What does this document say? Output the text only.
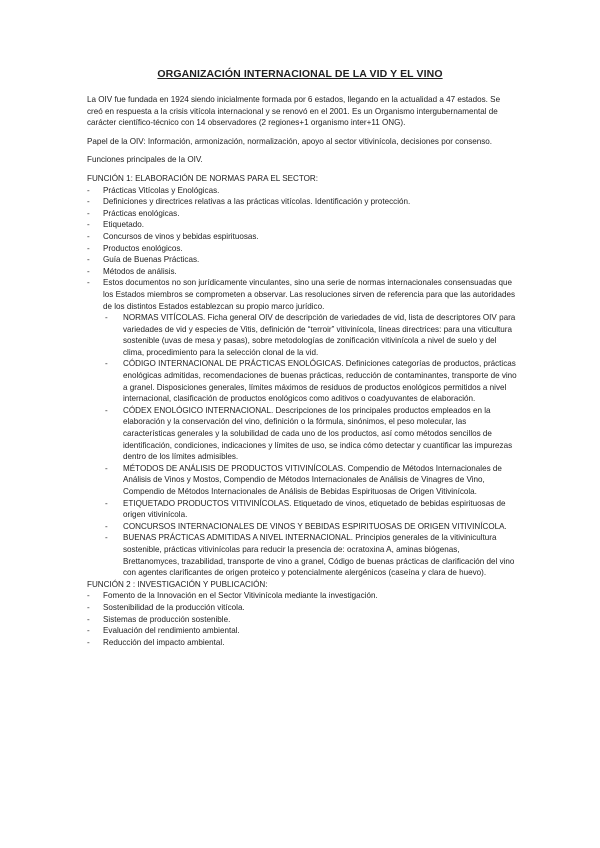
ORGANIZACIÓN INTERNACIONAL DE LA VID Y EL VINO

La OIV fue fundada en 1924 siendo inicialmente formada por 6 estados, llegando en la actualidad a 47 estados. Se creó en respuesta a la crisis vitícola internacional y se renovó en el 2001. Es un Organismo intergubernamental de carácter científico-técnico con 14 observadores (2 regiones+1 organismo inter+11 ONG).

Papel de la OIV: Información, armonización, normalización, apoyo al sector vitivinícola, decisiones por consenso.

Funciones principales de la OIV.

FUNCIÓN 1: ELABORACIÓN DE NORMAS PARA EL SECTOR:

- Prácticas Vitícolas y Enológicas.
- Definiciones y directrices relativas a las prácticas vitícolas. Identificación y protección.
- Prácticas enológicas.
- Etiquetado.
- Concursos de vinos y bebidas espirituosas.
- Productos enológicos.
- Guía de Buenas Prácticas.
- Métodos de análisis.
- Estos documentos no son jurídicamente vinculantes, sino una serie de normas internacionales consensuadas que los Estados miembros se comprometen a observar. Las resoluciones sirven de referencia para que las autoridades de los distintos Estados establezcan su propio marco jurídico.
- NORMAS VITÍCOLAS. Ficha general OIV de descripción de variedades de vid, lista de descriptores OIV para variedades de vid y especies de Vitis, definición de “terroir” vitivinícola, líneas directrices: para una viticultura sostenible (uvas de mesa y pasas), sobre metodologías de zonificación vitivinícola a nivel de suelo y del clima, procedimiento para la selección clonal de la vid.
- CÓDIGO INTERNACIONAL DE PRÁCTICAS ENOLÓGICAS. Definiciones categorías de productos, prácticas enológicas admitidas, recomendaciones de buenas prácticas, reducción de contaminantes, transporte de vino a granel. Disposiciones generales, límites máximos de residuos de productos enológicos permitidos a nivel internacional, clasificación de productos enológicos como aditivos o coadyuvantes de elaboración.
- CÓDEX ENOLÓGICO INTERNACIONAL. Descripciones de los principales productos empleados en la elaboración y la conservación del vino, definición o la fórmula, sinónimos, el peso molecular, las características generales y la solubilidad de cada uno de los productos, así como métodos sencillos de identificación, condiciones, indicaciones y límites de uso, se indica cómo detectar y cuantificar las impurezas dentro de los límites admisibles.
- MÉTODOS DE ANÁLISIS DE PRODUCTOS VITIVINÍCOLAS. Compendio de Métodos Internacionales de Análisis de Vinos y Mostos, Compendio de Métodos Internacionales de Análisis de Vinagres de Vino, Compendio de Métodos Internacionales de Análisis de Bebidas Espirituosas de Origen Vitivinícola.
- ETIQUETADO PRODUCTOS VITIVINÍCOLAS. Etiquetado de vinos, etiquetado de bebidas espirituosas de origen vitivinícola.
- CONCURSOS INTERNACIONALES DE VINOS Y BEBIDAS ESPIRITUOSAS DE ORIGEN VITIVINÍCOLA.
- BUENAS PRÁCTICAS ADMITIDAS A NIVEL INTERNACIONAL. Principios generales de la vitivinicultura sostenible, prácticas vitivinícolas para reducir la presencia de: ocratoxina A, aminas biógenas, Brettanomyces, trazabilidad, transporte de vino a granel, Código de buenas prácticas de clarificación del vino con agentes clarificantes de origen proteico y potencialmente alergénicos (caseína y clara de huevo).

FUNCIÓN 2 : INVESTIGACIÓN Y PUBLICACIÓN:

- Fomento de la Innovación en el Sector Vitivinícola mediante la investigación.
- Sostenibilidad de la producción vitícola.
- Sistemas de producción sostenible.
- Evaluación del rendimiento ambiental.
- Reducción del impacto ambiental.
